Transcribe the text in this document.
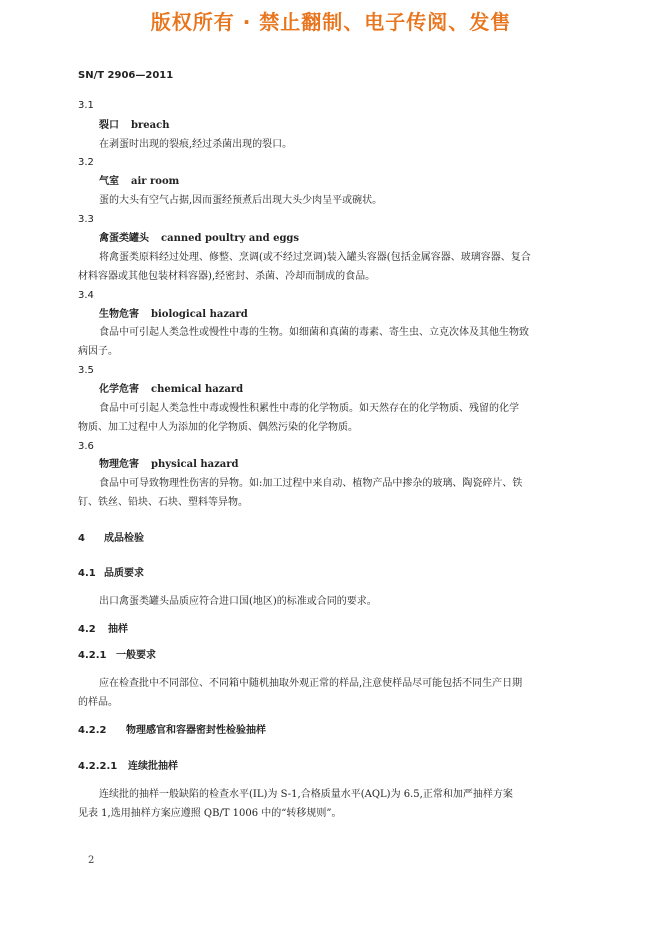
版权所有 · 禁止翻制、电子传阅、发售
SN/T 2906—2011
3.1
裂口 breach
在剥蛋时出现的裂痕,经过杀菌出现的裂口。
3.2
气室 air room
蛋的大头有空气占据,因而蛋经预煮后出现大头少肉呈平或碗状。
3.3
禽蛋类罐头 canned poultry and eggs
将禽蛋类原料经过处理、修整、烹调(或不经过烹调)装入罐头容器(包括金属容器、玻璃容器、复合
材料容器或其他包装材料容器),经密封、杀菌、冷却而制成的食品。
3.4
生物危害 biological hazard
食品中可引起人类急性或慢性中毒的生物。如细菌和真菌的毒素、寄生虫、立克次体及其他生物致
病因子。
3.5
化学危害 chemical hazard
食品中可引起人类急性中毒或慢性积累性中毒的化学物质。如天然存在的化学物质、残留的化学
物质、加工过程中人为添加的化学物质、偶然污染的化学物质。
3.6
物理危害 physical hazard
食品中可导致物理性伤害的异物。如:加工过程中来自动、植物产品中掺杂的玻璃、陶瓷碎片、铁
钉、铁丝、铅块、石块、塑料等异物。
4 成品检验
4.1 品质要求
出口禽蛋类罐头品质应符合进口国(地区)的标准或合同的要求。
4.2 抽样
4.2.1 一般要求
应在检查批中不同部位、不同箱中随机抽取外观正常的样品,注意使样品尽可能包括不同生产日期
的样品。
4.2.2 物理感官和容器密封性检验抽样
4.2.2.1 连续批抽样
连续批的抽样一般缺陷的检查水平(IL)为 S-1,合格质量水平(AQL)为 6.5,正常和加严抽样方案
见表 1,选用抽样方案应遵照 QB/T 1006 中的“转移规则”。
2
